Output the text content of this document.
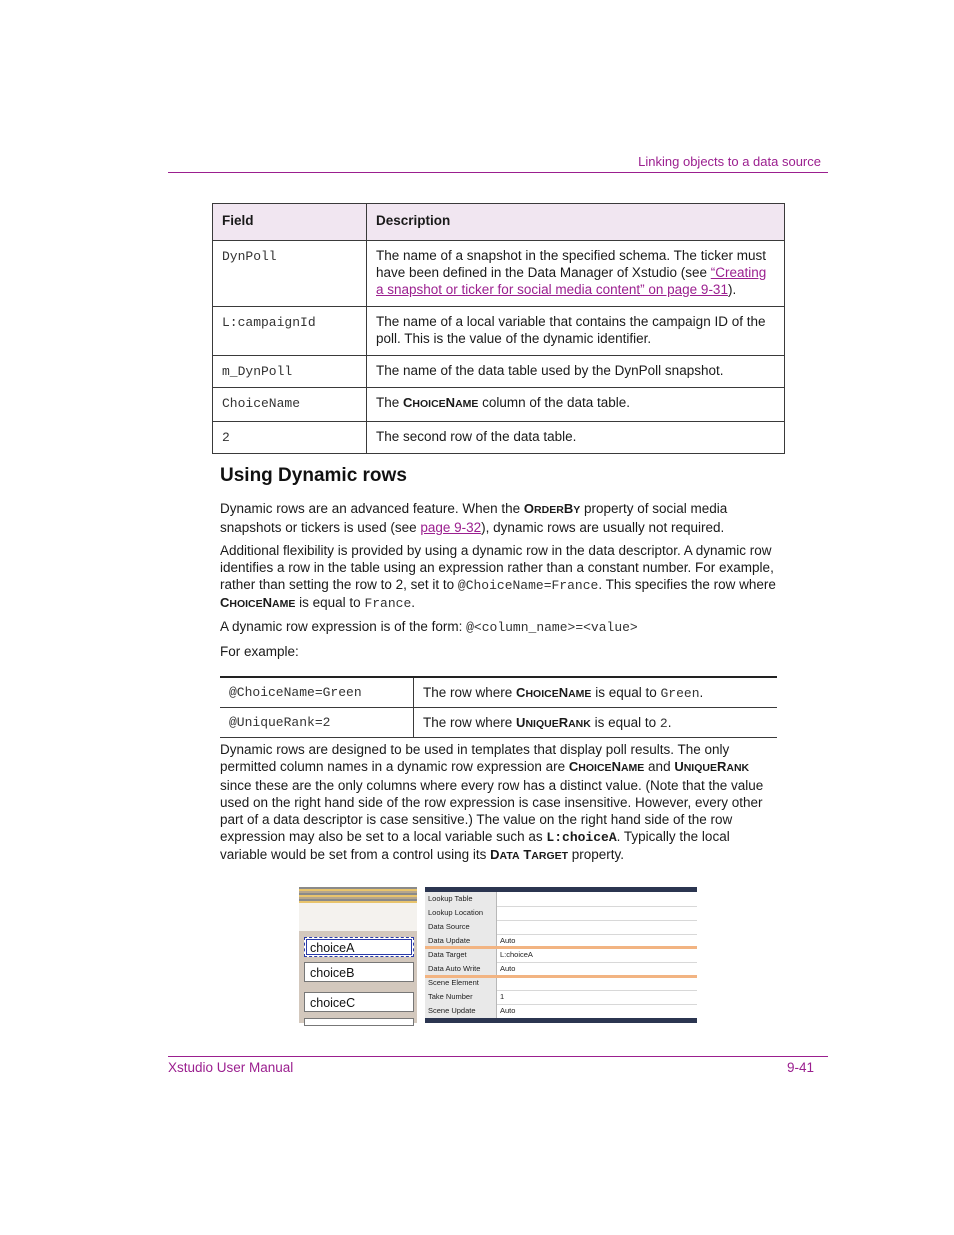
Linking objects to a data source
Field	Description
DynPoll	The name of a snapshot in the specified schema. The ticker must have been defined in the Data Manager of Xstudio (see “Creating a snapshot or ticker for social media content” on page 9-31).
L:campaignId	The name of a local variable that contains the campaign ID of the poll. This is the value of the dynamic identifier.
m_DynPoll	The name of the data table used by the DynPoll snapshot.
ChoiceName	The CHOICENAME column of the data table.
2	The second row of the data table.
Using Dynamic rows

Dynamic rows are an advanced feature. When the ORDERBY property of social media snapshots or tickers is used (see page 9-32), dynamic rows are usually not required.

Additional flexibility is provided by using a dynamic row in the data descriptor. A dynamic row identifies a row in the table using an expression rather than a constant number. For example, rather than setting the row to 2, set it to @ChoiceName=France. This specifies the row where CHOICENAME is equal to France.

A dynamic row expression is of the form: @<column_name>=<value>

For example:

@ChoiceName=Green	The row where CHOICENAME is equal to Green.
@UniqueRank=2	The row where UNIQUERANK is equal to 2.

Dynamic rows are designed to be used in templates that display poll results. The only permitted column names in a dynamic row expression are CHOICENAME and UNIQUERANK since these are the only columns where every row has a distinct value. (Note that the value used on the right hand side of the row expression is case insensitive. However, every other part of a data descriptor is case sensitive.) The value on the right hand side of the row expression may also be set to a local variable such as L:choiceA. Typically the local variable would be set from a control using its DATA TARGET property.

choiceA
choiceB
choiceC
Lookup Table
Lookup Location
Data Source
Data Update	Auto
Data Target	L:choiceA
Data Auto Write	Auto
Scene Element
Take Number	1
Scene Update	Auto
Xstudio User Manual	9-41
